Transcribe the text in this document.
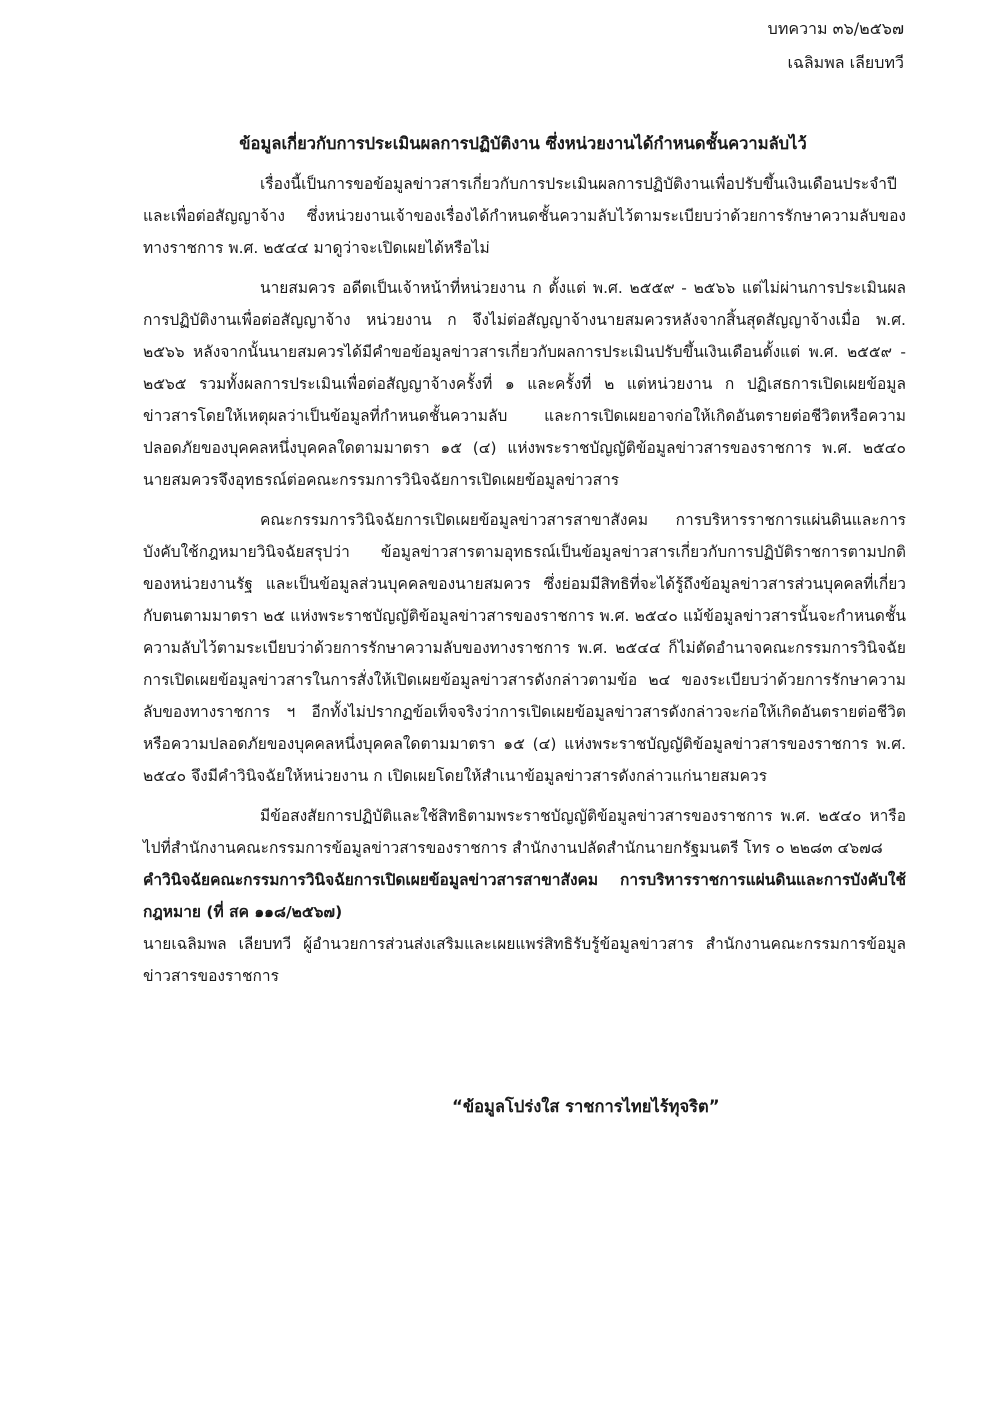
บทความ ๓๖/๒๕๖๗
เฉลิมพล เลียบทวี
ข้อมูลเกี่ยวกับการประเมินผลการปฏิบัติงาน ซึ่งหน่วยงานได้กำหนดชั้นความลับไว้

เรื่องนี้เป็นการขอข้อมูลข่าวสารเกี่ยวกับการประเมินผลการปฏิบัติงานเพื่อปรับขึ้นเงินเดือนประจำปีและเพื่อต่อสัญญาจ้าง ซึ่งหน่วยงานเจ้าของเรื่องได้กำหนดชั้นความลับไว้ตามระเบียบว่าด้วยการรักษาความลับของทางราชการ พ.ศ. ๒๕๔๔ มาดูว่าจะเปิดเผยได้หรือไม่

นายสมควร อดีตเป็นเจ้าหน้าที่หน่วยงาน ก ตั้งแต่ พ.ศ. ๒๕๕๙ - ๒๕๖๖ แต่ไม่ผ่านการประเมินผลการปฏิบัติงานเพื่อต่อสัญญาจ้าง หน่วยงาน ก จึงไม่ต่อสัญญาจ้างนายสมควรหลังจากสิ้นสุดสัญญาจ้างเมื่อ พ.ศ. ๒๕๖๖ หลังจากนั้นนายสมควรได้มีคำขอข้อมูลข่าวสารเกี่ยวกับผลการประเมินปรับขึ้นเงินเดือนตั้งแต่ พ.ศ. ๒๕๕๙ - ๒๕๖๕ รวมทั้งผลการประเมินเพื่อต่อสัญญาจ้างครั้งที่ ๑ และครั้งที่ ๒ แต่หน่วยงาน ก ปฏิเสธการเปิดเผยข้อมูลข่าวสารโดยให้เหตุผลว่าเป็นข้อมูลที่กำหนดชั้นความลับ และการเปิดเผยอาจก่อให้เกิดอันตรายต่อชีวิตหรือความปลอดภัยของบุคคลหนึ่งบุคคลใดตามมาตรา ๑๕ (๔) แห่งพระราชบัญญัติข้อมูลข่าวสารของราชการ พ.ศ. ๒๕๔๐ นายสมควรจึงอุทธรณ์ต่อคณะกรรมการวินิจฉัยการเปิดเผยข้อมูลข่าวสาร

คณะกรรมการวินิจฉัยการเปิดเผยข้อมูลข่าวสารสาขาสังคม การบริหารราชการแผ่นดินและการบังคับใช้กฎหมายวินิจฉัยสรุปว่า ข้อมูลข่าวสารตามอุทธรณ์เป็นข้อมูลข่าวสารเกี่ยวกับการปฏิบัติราชการตามปกติของหน่วยงานรัฐ และเป็นข้อมูลส่วนบุคคลของนายสมควร ซึ่งย่อมมีสิทธิที่จะได้รู้ถึงข้อมูลข่าวสารส่วนบุคคลที่เกี่ยวกับตนตามมาตรา ๒๕ แห่งพระราชบัญญัติข้อมูลข่าวสารของราชการ พ.ศ. ๒๕๔๐ แม้ข้อมูลข่าวสารนั้นจะกำหนดชั้นความลับไว้ตามระเบียบว่าด้วยการรักษาความลับของทางราชการ พ.ศ. ๒๕๔๔ ก็ไม่ตัดอำนาจคณะกรรมการวินิจฉัยการเปิดเผยข้อมูลข่าวสารในการสั่งให้เปิดเผยข้อมูลข่าวสารดังกล่าวตามข้อ ๒๔ ของระเบียบว่าด้วยการรักษาความลับของทางราชการ ฯ อีกทั้งไม่ปรากฏข้อเท็จจริงว่าการเปิดเผยข้อมูลข่าวสารดังกล่าวจะก่อให้เกิดอันตรายต่อชีวิตหรือความปลอดภัยของบุคคลหนึ่งบุคคลใดตามมาตรา ๑๕ (๔) แห่งพระราชบัญญัติข้อมูลข่าวสารของราชการ พ.ศ. ๒๕๔๐ จึงมีคำวินิจฉัยให้หน่วยงาน ก เปิดเผยโดยให้สำเนาข้อมูลข่าวสารดังกล่าวแก่นายสมควร

มีข้อสงสัยการปฏิบัติและใช้สิทธิตามพระราชบัญญัติข้อมูลข่าวสารของราชการ พ.ศ. ๒๕๔๐ หารือไปที่สำนักงานคณะกรรมการข้อมูลข่าวสารของราชการ สำนักงานปลัดสำนักนายกรัฐมนตรี โทร ๐ ๒๒๘๓ ๔๖๗๘

คำวินิจฉัยคณะกรรมการวินิจฉัยการเปิดเผยข้อมูลข่าวสารสาขาสังคม การบริหารราชการแผ่นดินและการบังคับใช้กฎหมาย (ที่ สค ๑๑๘/๒๕๖๗)

นายเฉลิมพล เลียบทวี ผู้อำนวยการส่วนส่งเสริมและเผยแพร่สิทธิรับรู้ข้อมูลข่าวสาร สำนักงานคณะกรรมการข้อมูลข่าวสารของราชการ

“ข้อมูลโปร่งใส ราชการไทยไร้ทุจริต”
